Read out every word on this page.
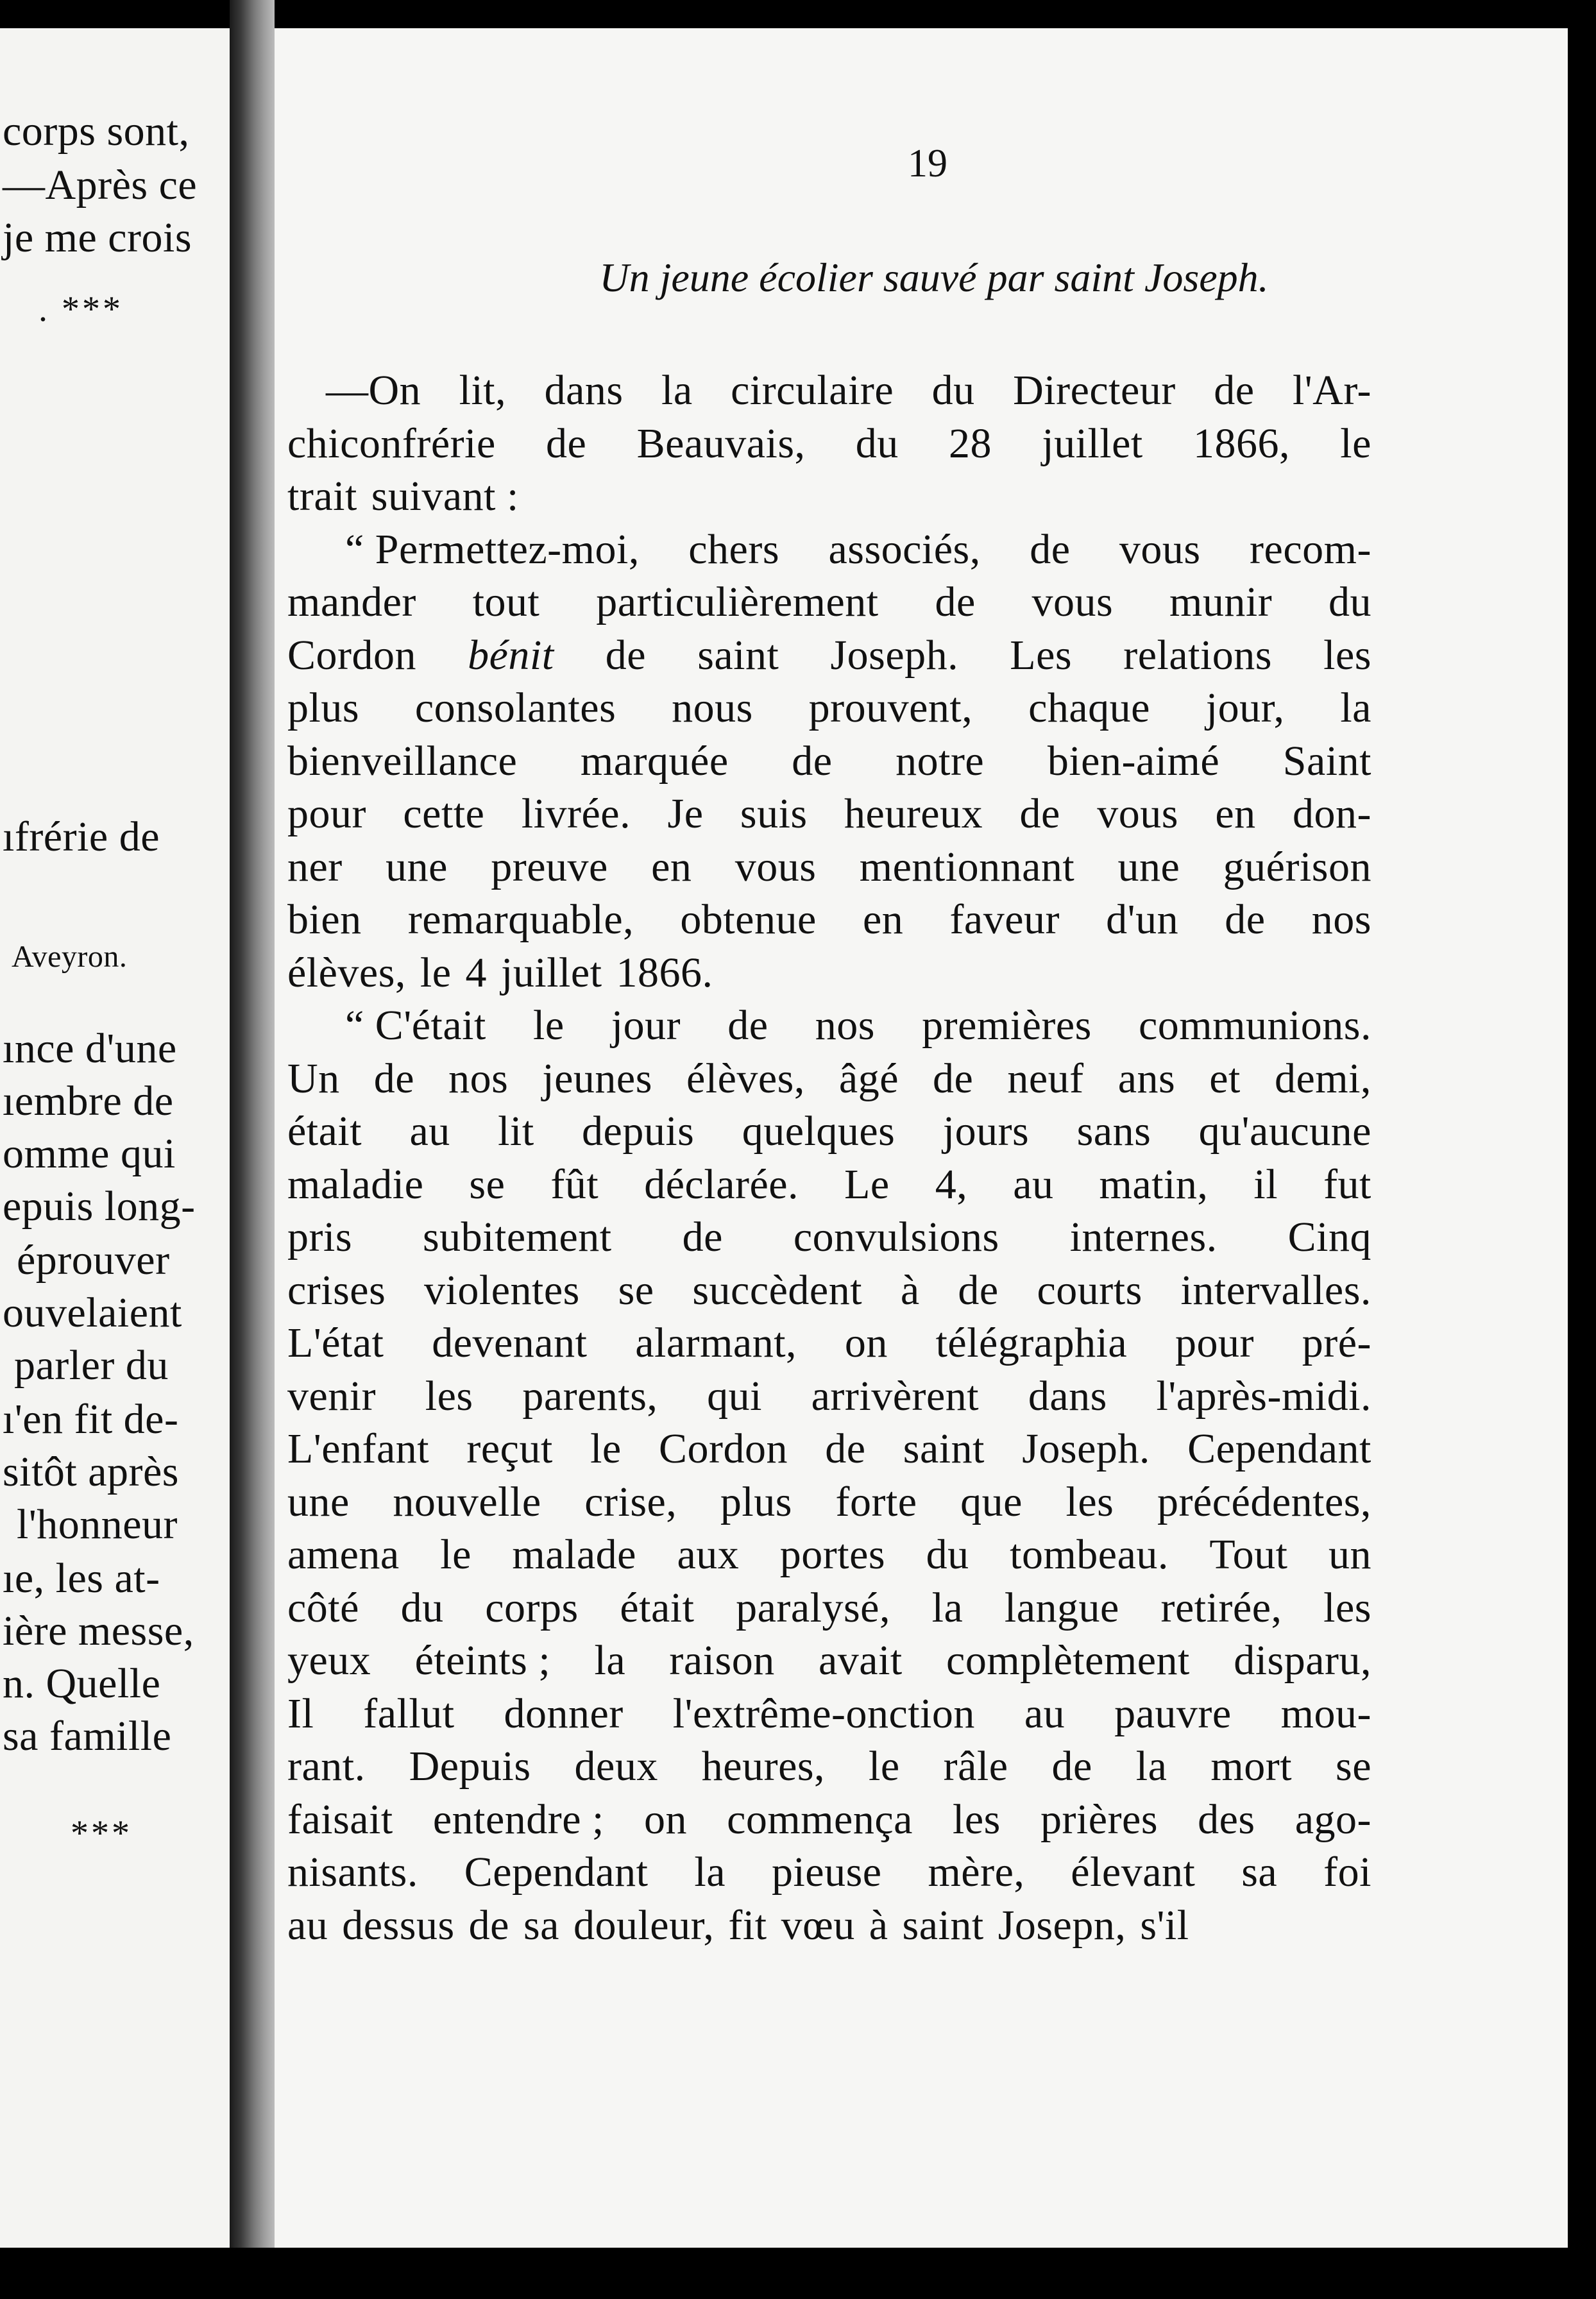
corps sont,
—Après ce
je me crois
. ***
ıfrérie de
Aveyron.
ınce d'une
ıembre de
omme qui
epuis long-
éprouver
ouvelaient
parler du
ı'en fit de-
sitôt après
l'honneur
ıe, les at-
ière messe,
n. Quelle
sa famille
***
19
Un jeune écolier sauvé par saint Joseph.
—On lit, dans la circulaire du Directeur de l'Ar-
chiconfrérie de Beauvais, du 28 juillet 1866, le
trait suivant :
“ Permettez-moi, chers associés, de vous recom-
mander tout particulièrement de vous munir du
Cordon bénit de saint Joseph. Les relations les
plus consolantes nous prouvent, chaque jour, la
bienveillance marquée de notre bien-aimé Saint
pour cette livrée. Je suis heureux de vous en don-
ner une preuve en vous mentionnant une guérison
bien remarquable, obtenue en faveur d'un de nos
élèves, le 4 juillet 1866.
“ C'était le jour de nos premières communions.
Un de nos jeunes élèves, âgé de neuf ans et demi,
était au lit depuis quelques jours sans qu'aucune
maladie se fût déclarée. Le 4, au matin, il fut
pris subitement de convulsions internes. Cinq
crises violentes se succèdent à de courts intervalles.
L'état devenant alarmant, on télégraphia pour pré-
venir les parents, qui arrivèrent dans l'après-midi.
L'enfant reçut le Cordon de saint Joseph. Cependant
une nouvelle crise, plus forte que les précédentes,
amena le malade aux portes du tombeau. Tout un
côté du corps était paralysé, la langue retirée, les
yeux éteints ; la raison avait complètement disparu,
Il fallut donner l'extrême-onction au pauvre mou-
rant. Depuis deux heures, le râle de la mort se
faisait entendre ; on commença les prières des ago-
nisants. Cependant la pieuse mère, élevant sa foi
au dessus de sa douleur, fit vœu à saint Josepn, s'il
